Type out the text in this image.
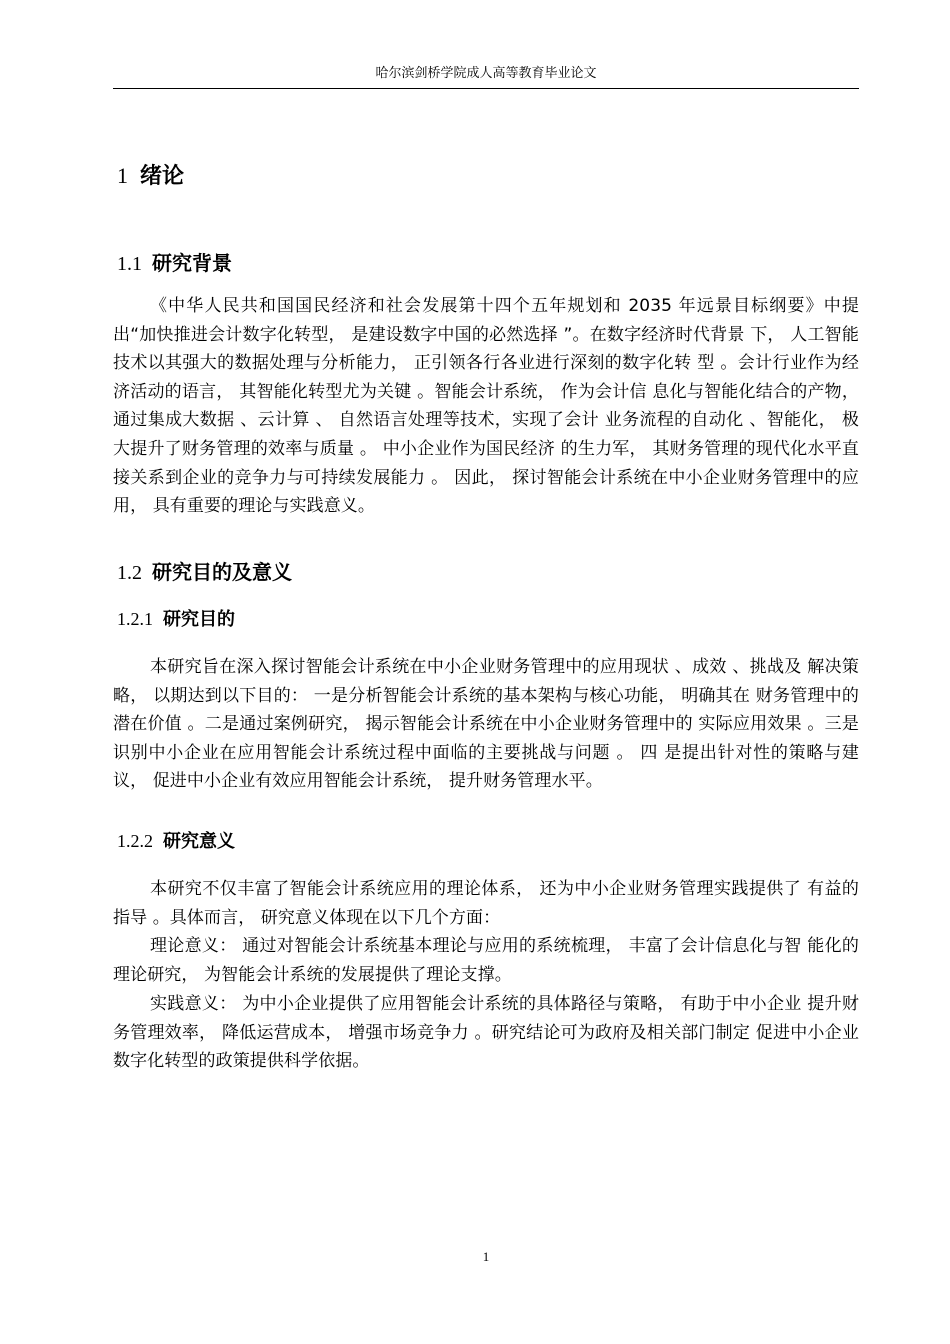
哈尔滨剑桥学院成人高等教育毕业论文
1 绪论
1.1 研究背景

《中华人民共和国国民经济和社会发展第十四个五年规划和 2035 年远景目标纲要》中提出“加快推进会计数字化转型， 是建设数字中国的必然选择 ”。在数字经济时代背景 下， 人工智能技术以其强大的数据处理与分析能力， 正引领各行各业进行深刻的数字化转 型 。会计行业作为经济活动的语言， 其智能化转型尤为关键 。智能会计系统， 作为会计信 息化与智能化结合的产物， 通过集成大数据 、云计算 、 自然语言处理等技术，实现了会计 业务流程的自动化 、智能化， 极大提升了财务管理的效率与质量 。 中小企业作为国民经济 的生力军， 其财务管理的现代化水平直接关系到企业的竞争力与可持续发展能力 。 因此， 探讨智能会计系统在中小企业财务管理中的应用， 具有重要的理论与实践意义。

1.2 研究目的及意义
1.2.1 研究目的

本研究旨在深入探讨智能会计系统在中小企业财务管理中的应用现状 、成效 、挑战及 解决策略， 以期达到以下目的： 一是分析智能会计系统的基本架构与核心功能， 明确其在 财务管理中的潜在价值 。二是通过案例研究， 揭示智能会计系统在中小企业财务管理中的 实际应用效果 。三是识别中小企业在应用智能会计系统过程中面临的主要挑战与问题 。 四 是提出针对性的策略与建议， 促进中小企业有效应用智能会计系统， 提升财务管理水平。

1.2.2 研究意义

本研究不仅丰富了智能会计系统应用的理论体系， 还为中小企业财务管理实践提供了 有益的指导 。具体而言， 研究意义体现在以下几个方面：

理论意义： 通过对智能会计系统基本理论与应用的系统梳理， 丰富了会计信息化与智 能化的理论研究， 为智能会计系统的发展提供了理论支撑。

实践意义： 为中小企业提供了应用智能会计系统的具体路径与策略， 有助于中小企业 提升财务管理效率， 降低运营成本， 增强市场竞争力 。研究结论可为政府及相关部门制定 促进中小企业数字化转型的政策提供科学依据。

1
